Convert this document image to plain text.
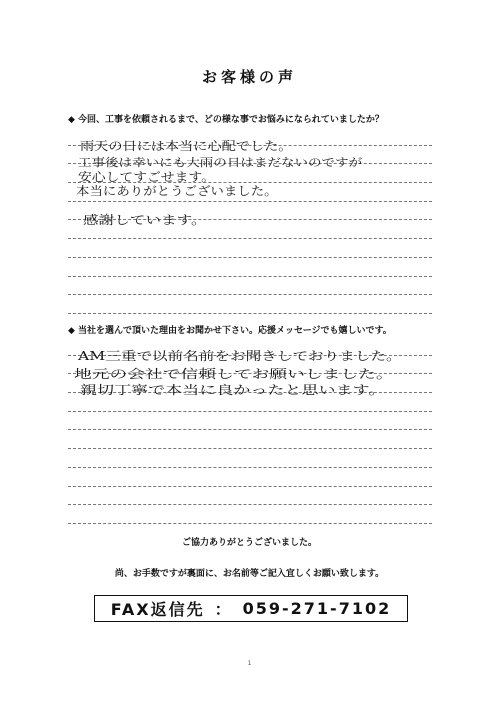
お客様の声
◆ 今回、工事を依頼されるまで、どの様な事でお悩みになられていましたか？
雨天の日には本当に心配でした。
工事後は幸いにも大雨の日はまだないのですが
安心してすごせます。
本当にありがとうございました。
感謝しています。
◆ 当社を選んで頂いた理由をお聞かせ下さい。応援メッセージでも嬉しいです。
AM三重で以前名前をお聞きしておりました。
地元の会社で信頼してお願いしました。
親切丁寧で本当に良かったと思います。
ご協力ありがとうございました。
尚、お手数ですが裏面に、お名前等ご記入宜しくお願い致します。
FAX返信先 ： 059-271-7102
1
